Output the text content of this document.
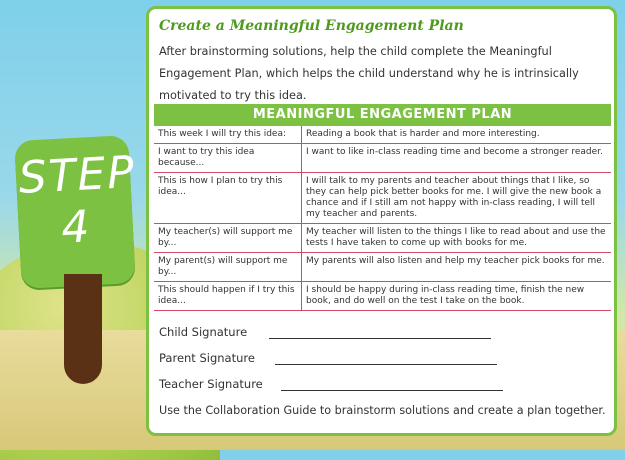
STEP
4
Create a Meaningful Engagement Plan

After brainstorming solutions, help the child complete the Meaningful Engagement Plan, which helps the child understand why he is intrinsically motivated to try this idea.

MEANINGFUL ENGAGEMENT PLAN
This week I will try this idea:	Reading a book that is harder and more interesting.
I want to try this idea because...	I want to like in-class reading time and become a stronger reader.
This is how I plan to try this idea...	I will talk to my parents and teacher about things that I like, so they can help pick better books for me. I will give the new book a chance and if I still am not happy with in-class reading, I will tell my teacher and parents.
My teacher(s) will support me by...	My teacher will listen to the things I like to read about and use the tests I have taken to come up with books for me.
My parent(s) will support me by...	My parents will also listen and help my teacher pick books for me.
This should happen if I try this idea...	I should be happy during in-class reading time, finish the new book, and do well on the test I take on the book.
Child Signature
Parent Signature
Teacher Signature
Use the Collaboration Guide to brainstorm solutions and create a plan together.
